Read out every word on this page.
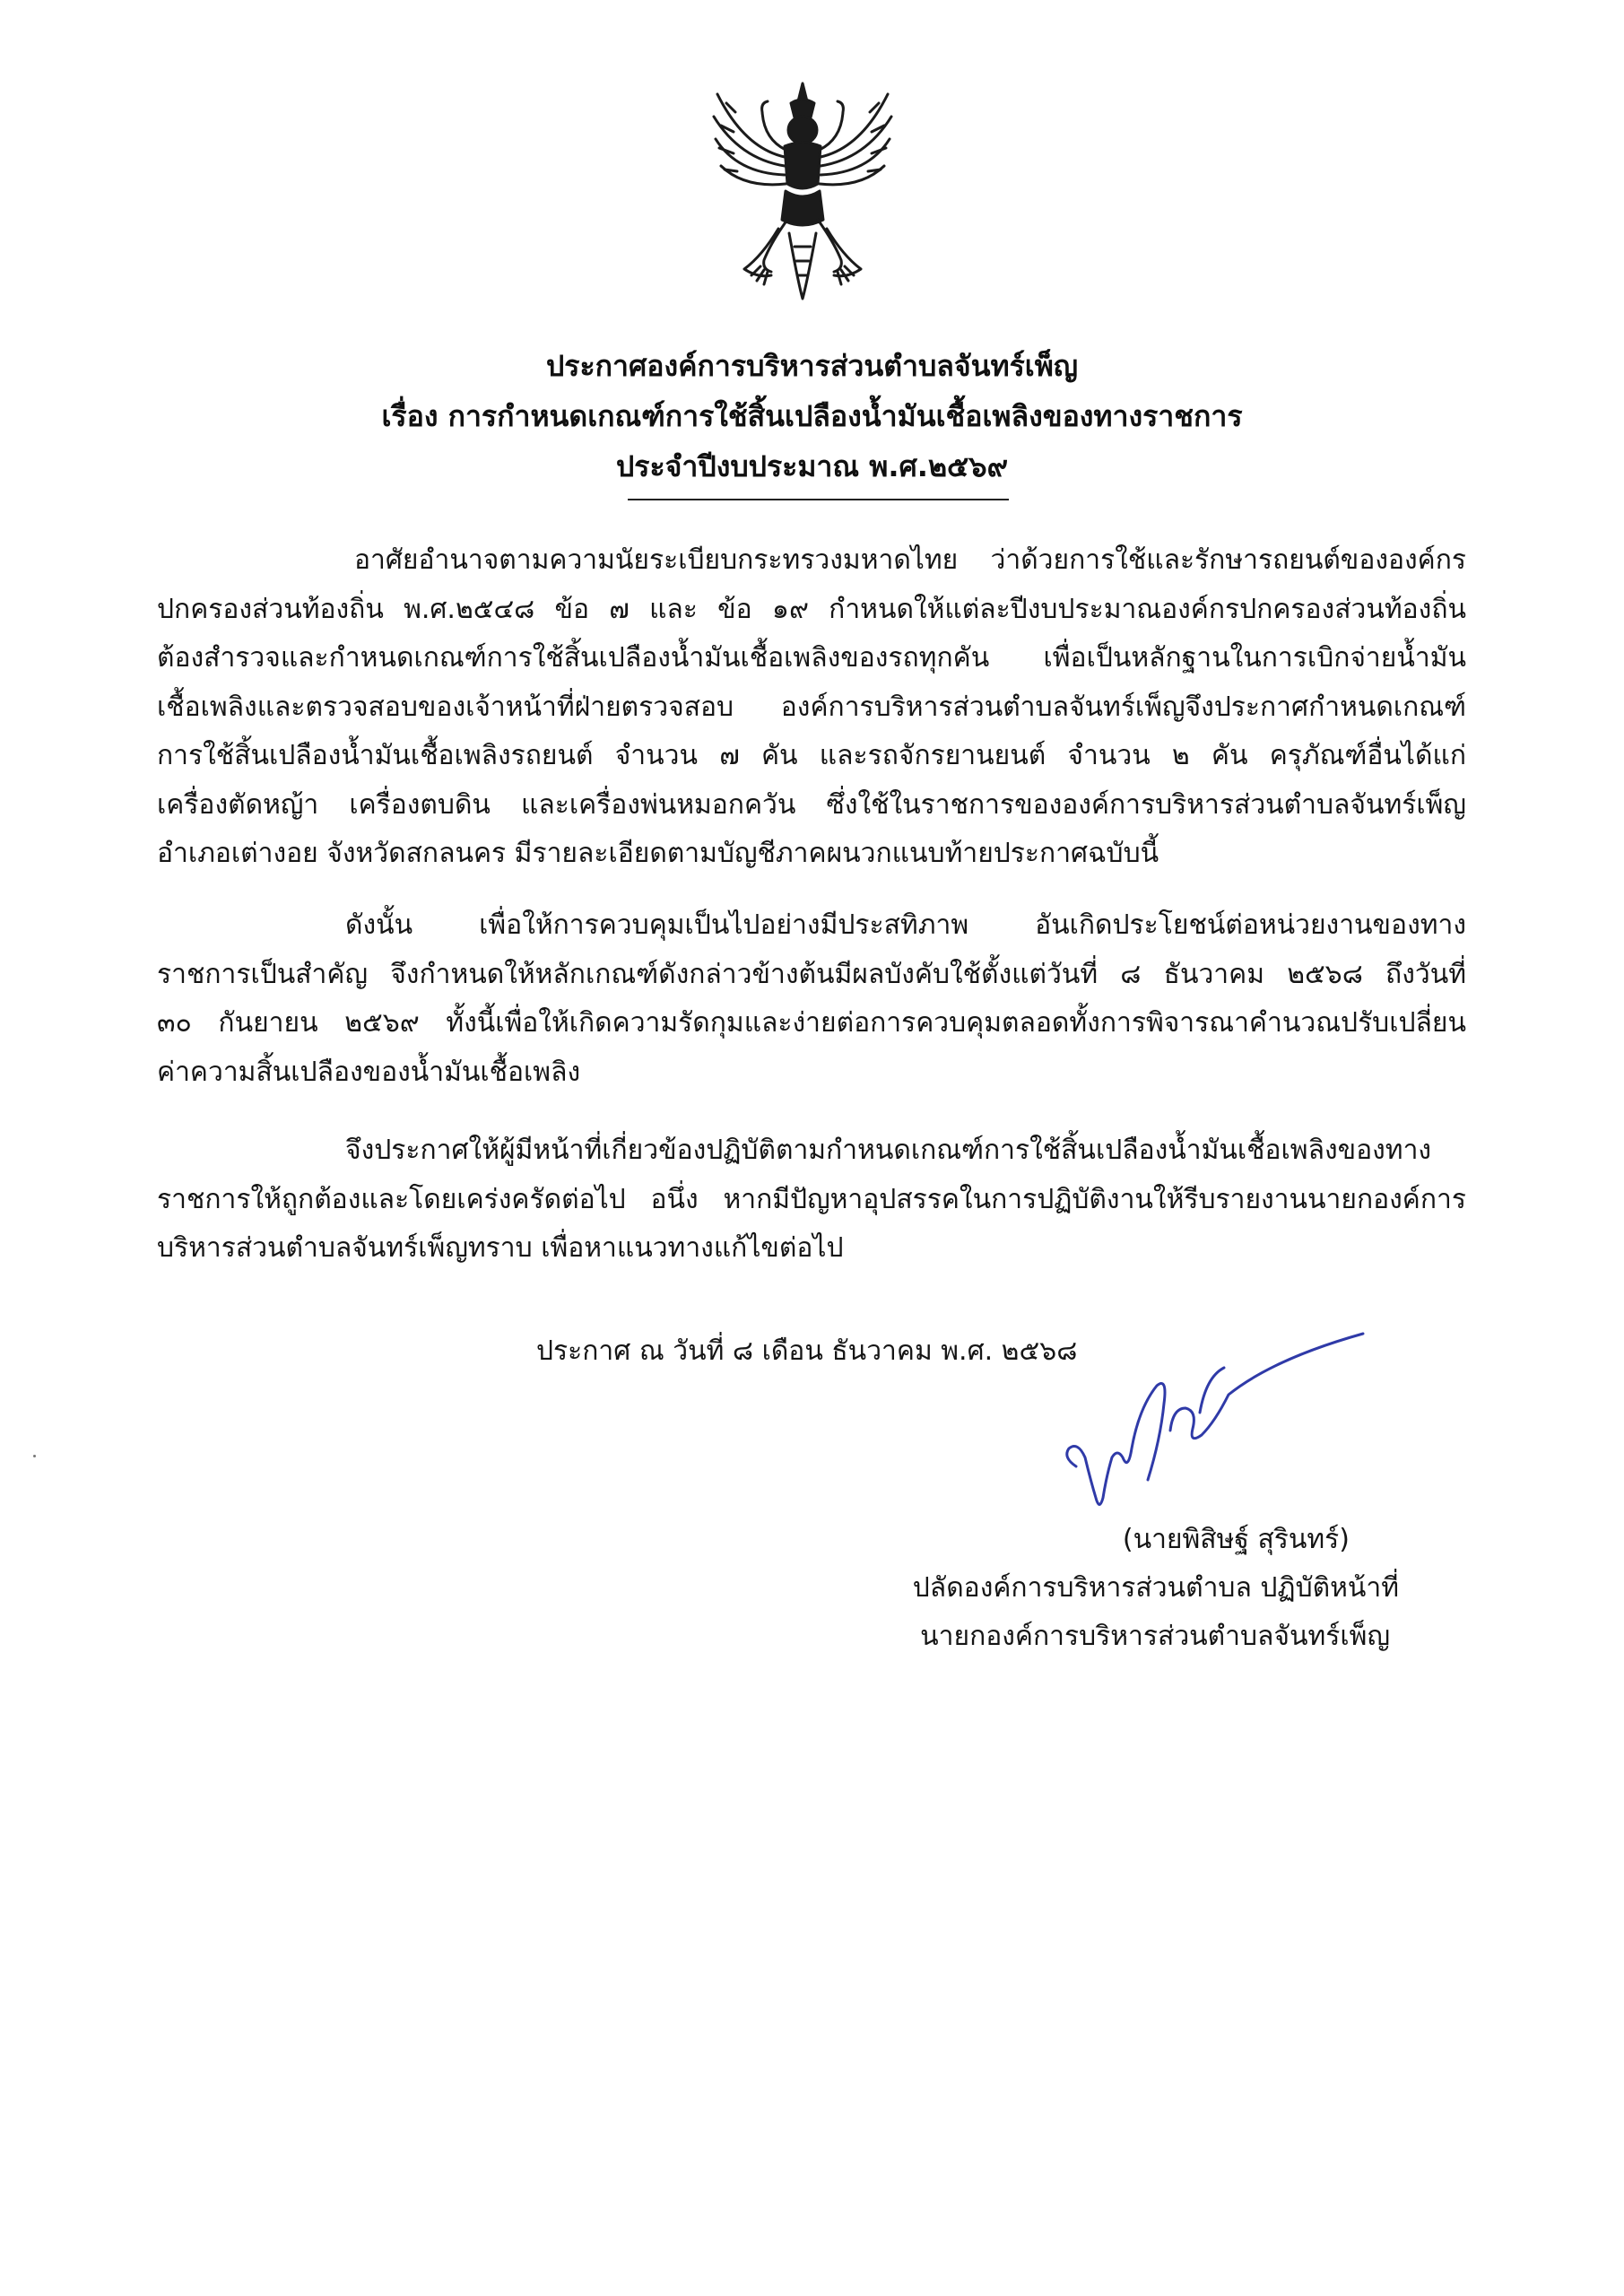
ประกาศองค์การบริหารส่วนตำบลจันทร์เพ็ญ
เรื่อง การกำหนดเกณฑ์การใช้สิ้นเปลืองน้ำมันเชื้อเพลิงของทางราชการ
ประจำปีงบประมาณ พ.ศ.๒๕๖๙
อาศัยอำนาจตามความนัยระเบียบกระทรวงมหาดไทย ว่าด้วยการใช้และรักษารถยนต์ขององค์กร
ปกครองส่วนท้องถิ่น พ.ศ.๒๕๔๘ ข้อ ๗ และ ข้อ ๑๙ กำหนดให้แต่ละปีงบประมาณองค์กรปกครองส่วนท้องถิ่น
ต้องสำรวจและกำหนดเกณฑ์การใช้สิ้นเปลืองน้ำมันเชื้อเพลิงของรถทุกคัน เพื่อเป็นหลักฐานในการเบิกจ่ายน้ำมัน
เชื้อเพลิงและตรวจสอบของเจ้าหน้าที่ฝ่ายตรวจสอบ องค์การบริหารส่วนตำบลจันทร์เพ็ญจึงประกาศกำหนดเกณฑ์
การใช้สิ้นเปลืองน้ำมันเชื้อเพลิงรถยนต์ จำนวน ๗ คัน และรถจักรยานยนต์ จำนวน ๒ คัน ครุภัณฑ์อื่นได้แก่
เครื่องตัดหญ้า เครื่องตบดิน และเครื่องพ่นหมอกควัน ซึ่งใช้ในราชการขององค์การบริหารส่วนตำบลจันทร์เพ็ญ
อำเภอเต่างอย จังหวัดสกลนคร มีรายละเอียดตามบัญชีภาคผนวกแนบท้ายประกาศฉบับนี้
ดังนั้น เพื่อให้การควบคุมเป็นไปอย่างมีประสทิภาพ อันเกิดประโยชน์ต่อหน่วยงานของทาง
ราชการเป็นสำคัญ จึงกำหนดให้หลักเกณฑ์ดังกล่าวข้างต้นมีผลบังคับใช้ตั้งแต่วันที่ ๘ ธันวาคม ๒๕๖๘ ถึงวันที่
๓๐ กันยายน ๒๕๖๙ ทั้งนี้เพื่อให้เกิดความรัดกุมและง่ายต่อการควบคุมตลอดทั้งการพิจารณาคำนวณปรับเปลี่ยน
ค่าความสิ้นเปลืองของน้ำมันเชื้อเพลิง
จึงประกาศให้ผู้มีหน้าที่เกี่ยวข้องปฏิบัติตามกำหนดเกณฑ์การใช้สิ้นเปลืองน้ำมันเชื้อเพลิงของทาง
ราชการให้ถูกต้องและโดยเคร่งครัดต่อไป อนึ่ง หากมีปัญหาอุปสรรคในการปฏิบัติงานให้รีบรายงานนายกองค์การ
บริหารส่วนตำบลจันทร์เพ็ญทราบ เพื่อหาแนวทางแก้ไขต่อไป
ประกาศ ณ วันที่ ๘ เดือน ธันวาคม พ.ศ. ๒๕๖๘
(นายพิสิษฐ์ สุรินทร์)
ปลัดองค์การบริหารส่วนตำบล ปฏิบัติหน้าที่
นายกองค์การบริหารส่วนตำบลจันทร์เพ็ญ
